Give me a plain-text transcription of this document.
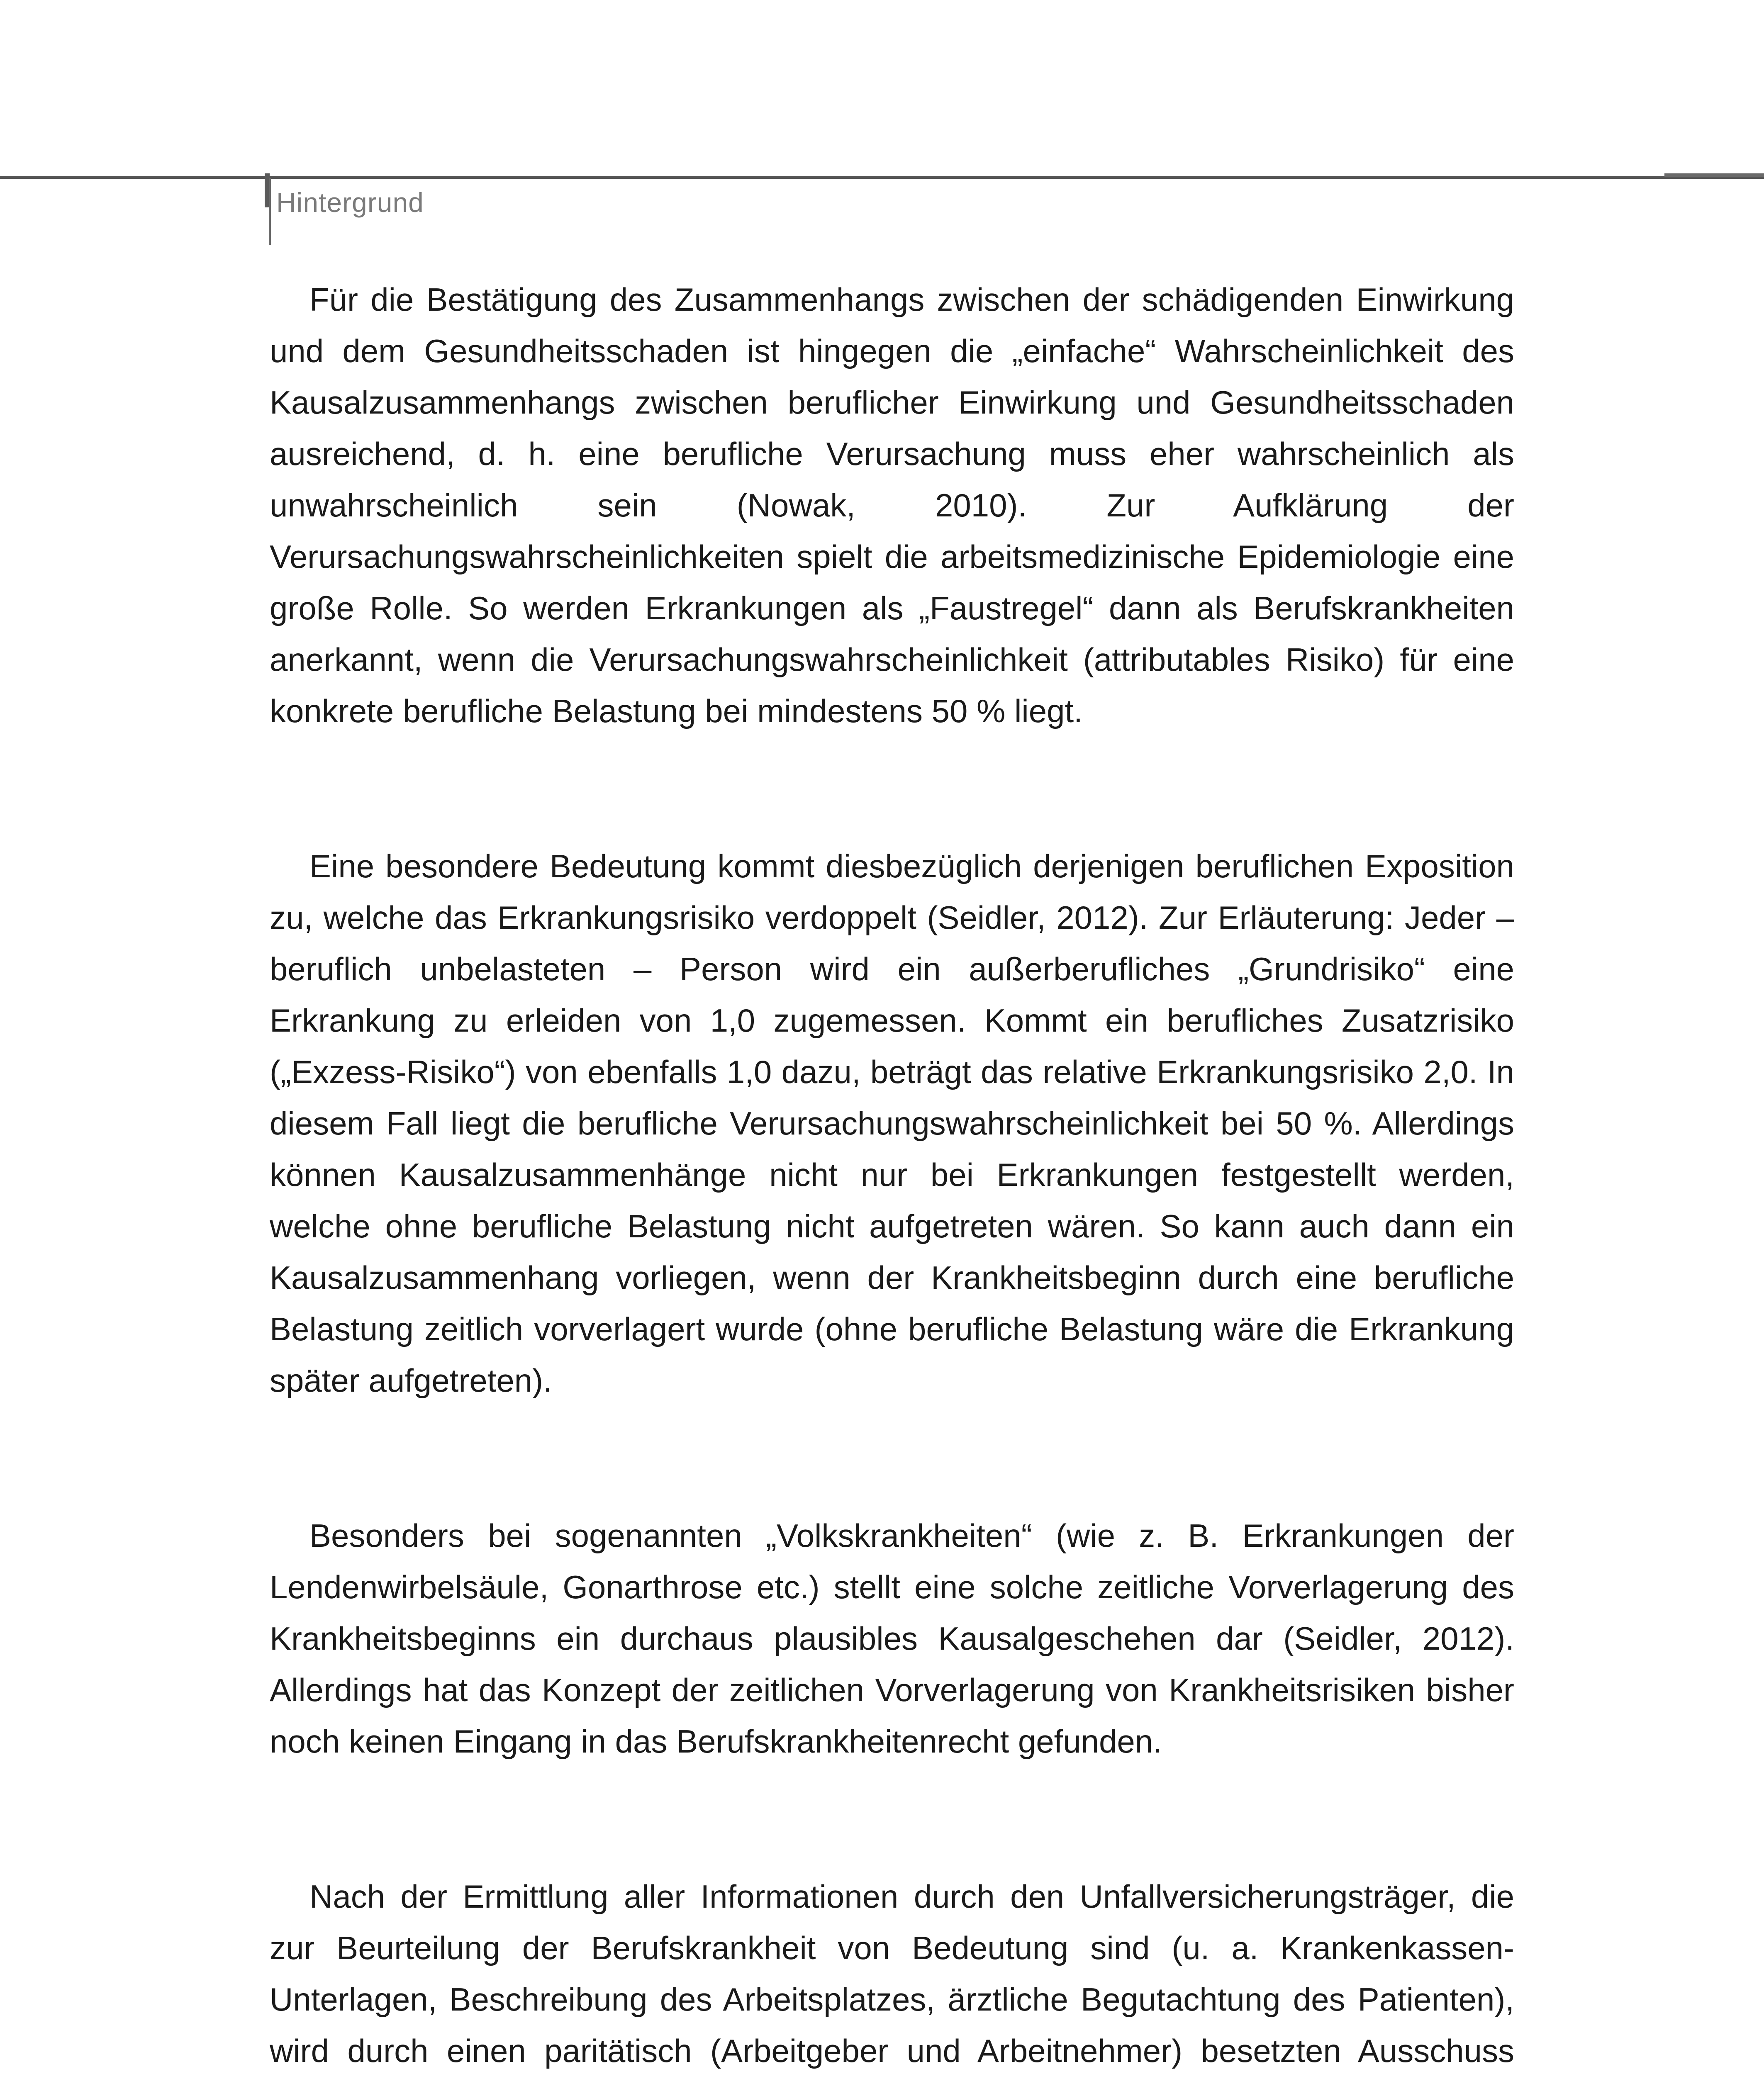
Hintergrund

Für die Bestätigung des Zusammenhangs zwischen der schädigenden Einwirkung und dem Gesundheitsschaden ist hingegen die „einfache“ Wahrscheinlichkeit des Kausalzusammenhangs zwischen beruflicher Einwirkung und Gesundheitsschaden ausreichend, d. h. eine berufliche Verursachung muss eher wahrscheinlich als unwahrscheinlich sein (Nowak, 2010). Zur Aufklärung der Verursachungswahrscheinlichkeiten spielt die arbeitsmedizinische Epidemiologie eine große Rolle. So werden Erkrankungen als „Faustregel“ dann als Berufskrankheiten anerkannt, wenn die Verursachungswahrscheinlichkeit (attributables Risiko) für eine konkrete berufliche Belastung bei mindestens 50 % liegt.

Eine besondere Bedeutung kommt diesbezüglich derjenigen beruflichen Exposition zu, welche das Erkrankungsrisiko verdoppelt (Seidler, 2012). Zur Erläuterung: Jeder – beruflich unbelasteten – Person wird ein außerberufliches „Grundrisiko“ eine Erkrankung zu erleiden von 1,0 zugemessen. Kommt ein berufliches Zusatzrisiko („Exzess-Risiko“) von ebenfalls 1,0 dazu, beträgt das relative Erkrankungsrisiko 2,0. In diesem Fall liegt die berufliche Verursachungswahrscheinlichkeit bei 50 %. Allerdings können Kausalzusammenhänge nicht nur bei Erkrankungen festgestellt werden, welche ohne berufliche Belastung nicht aufgetreten wären. So kann auch dann ein Kausalzusammenhang vorliegen, wenn der Krankheitsbeginn durch eine berufliche Belastung zeitlich vorverlagert wurde (ohne berufliche Belastung wäre die Erkrankung später aufgetreten).

Besonders bei sogenannten „Volkskrankheiten“ (wie z. B. Erkrankungen der Lendenwirbelsäule, Gonarthrose etc.) stellt eine solche zeitliche Vorverlagerung des Krankheitsbeginns ein durchaus plausibles Kausalgeschehen dar (Seidler, 2012). Allerdings hat das Konzept der zeitlichen Vorverlagerung von Krankheitsrisiken bisher noch keinen Eingang in das Berufskrankheitenrecht gefunden.

Nach der Ermittlung aller Informationen durch den Unfallversicherungsträger, die zur Beurteilung der Berufskrankheit von Bedeutung sind (u. a. Krankenkassen-Unterlagen, Beschreibung des Arbeitsplatzes, ärztliche Begutachtung des Patienten), wird durch einen paritätisch (Arbeitgeber und Arbeitnehmer) besetzten Ausschuss
